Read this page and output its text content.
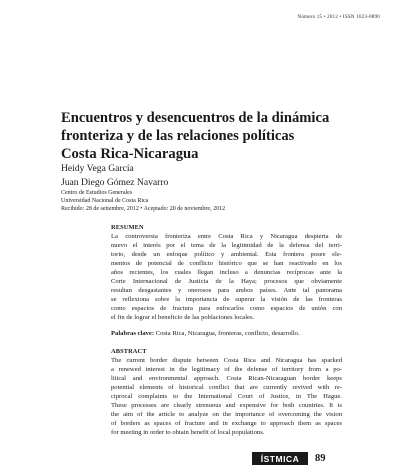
Número 15 • 2012 • ISSN 1023-0890
Encuentros y desencuentros de la dinámica
fronteriza y de las relaciones políticas
Costa Rica-Nicaragua
Heidy Vega García
Juan Diego Gómez Navarro
Centro de Estudios Generales
Universidad Nacional de Costa Rica
Recibido: 28 de setiembre, 2012 • Aceptado: 20 de noviembre, 2012
RESUMEN

La controversia fronteriza entre Costa Rica y Nicaragua despierta de
nuevo el interés por el tema de la legitimidad de la defensa del terri-
torio, desde un enfoque político y ambiental. Esta frontera posee ele-
mentos de potencial de conflicto histórico que se han reactivado en los
años recientes, los cuales llegan incluso a denuncias recíprocas ante la
Corte Internacional de Justicia de la Haya; procesos que obviamente
resultan desgastantes y onerosos para ambos países. Ante tal panorama
se reflexiona sobre la importancia de superar la visión de las fronteras
como espacios de fractura para enfocarlos como espacios de unión con
el fin de lograr el beneficio de las poblaciones locales.

Palabras clave: Costa Rica, Nicaragua, fronteras, conflicto, desarrollo.

ABSTRACT

The current border dispute between Costa Rica and Nicaragua has sparked
a renewed interest in the legitimacy of the defense of territory from a po-
litical and environmental approach. Costa Rican-Nicaraguan border keeps
potential elements of historical conflict that are currently revived with re-
ciprocal complaints to the International Court of Justice, in The Hague.
These processes are clearly strenuous and expensive for both countries. It is
the aim of the article to analyze on the importance of overcoming the vision
of borders as spaces of fracture and in exchange to approach them as spaces
for meeting in order to obtain benefit of local populations.

ÍSTMICA	89
